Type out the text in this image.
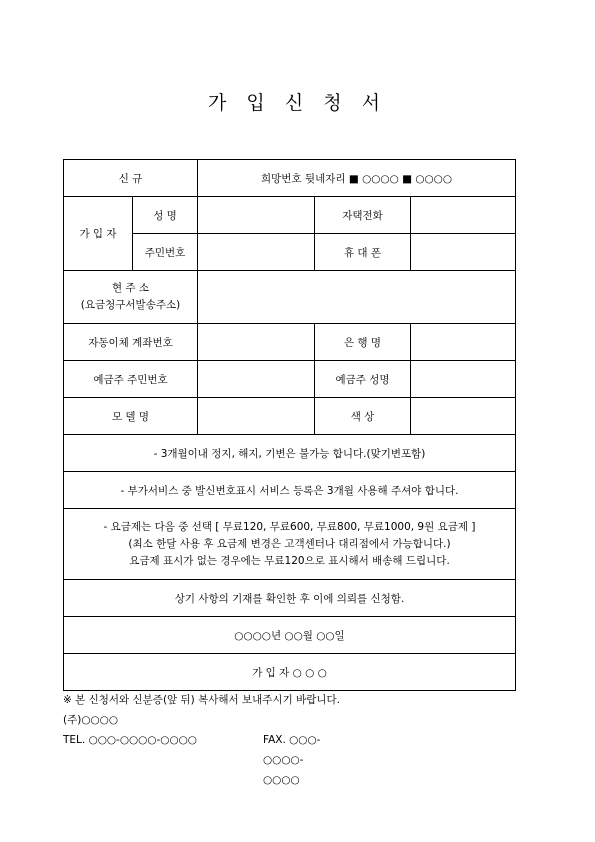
가 입 신 청 서
신 규		희망번호 뒷네자리 ■ ○○○○ ■ ○○○○		
가 입 자	성 명		자택전화	
	주민번호		휴 대 폰	

현 주 소
(요금청구서발송주소)				

자동이체 계좌번호			은 행 명	
예금주 주민번호			예금주 성명	
모 델 명			색 상	
- 3개월이내 정지, 해지, 기변은 불가능 합니다.(맞기변포함)				
- 부가서비스 중 발신번호표시 서비스 등록은 3개월 사용해 주셔야 합니다.				

- 요금제는 다음 중 선택 [ 무료120, 무료600, 무료800, 무료1000, 9원 요금제 ]
(최소 한달 사용 후 요금제 변경은 고객센터나 대리점에서 가능합니다.)
요금제 표시가 없는 경우에는 무료120으로 표시해서 배송해 드립니다.				

상기 사항의 기재를 확인한 후 이에 의뢰를 신청함.				
○○○○년 ○○월 ○○일				
가 입 자 ○ ○ ○				
※ 본 신청서와 신분증(앞 뒤) 복사해서 보내주시기 바랍니다.
(주)○○○○
TEL. ○○○-○○○○-○○○○	FAX. ○○○-○○○○-○○○○
